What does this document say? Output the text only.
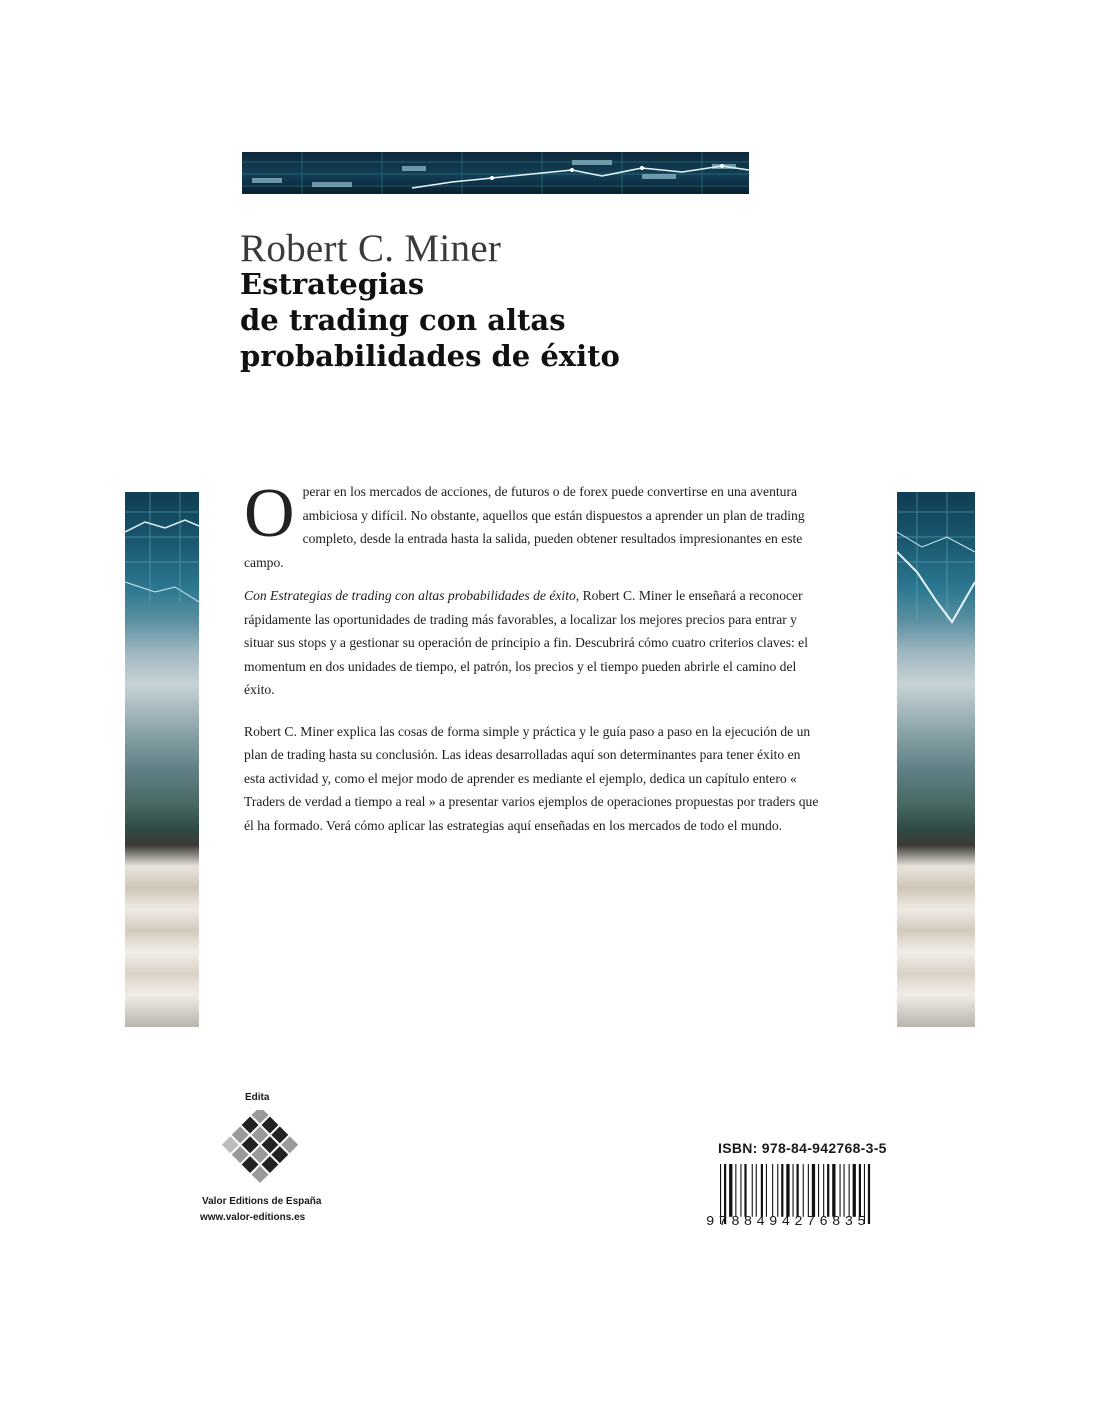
Robert C. Miner
Estrategias
de trading con altas
probabilidades de éxito

Operar en los mercados de acciones, de futuros o de forex puede convertirse en una aventura ambiciosa y difícil. No obstante, aquellos que están dispuestos a aprender un plan de trading completo, desde la entrada hasta la salida, pueden obtener resultados impresionantes en este campo.

Con Estrategias de trading con altas probabilidades de éxito, Robert C. Miner le enseñará a reconocer rápidamente las oportunidades de trading más favorables, a localizar los mejores precios para entrar y situar sus stops y a gestionar su operación de principio a fin. Descubrirá cómo cuatro criterios claves: el momentum en dos unidades de tiempo, el patrón, los precios y el tiempo pueden abrirle el camino del éxito.

Robert C. Miner explica las cosas de forma simple y práctica y le guía paso a paso en la ejecución de un plan de trading hasta su conclusión. Las ideas desarrolladas aquí son determinantes para tener éxito en esta actividad y, como el mejor modo de aprender es mediante el ejemplo, dedica un capítulo entero « Traders de verdad a tiempo a real » a presentar varios ejemplos de operaciones propuestas por traders que él ha formado. Verá cómo aplicar las estrategias aquí enseñadas en los mercados de todo el mundo.

Edita
Valor Editions de España
www.valor-editions.es
ISBN: 978-84-942768-3-5
9788494276835
